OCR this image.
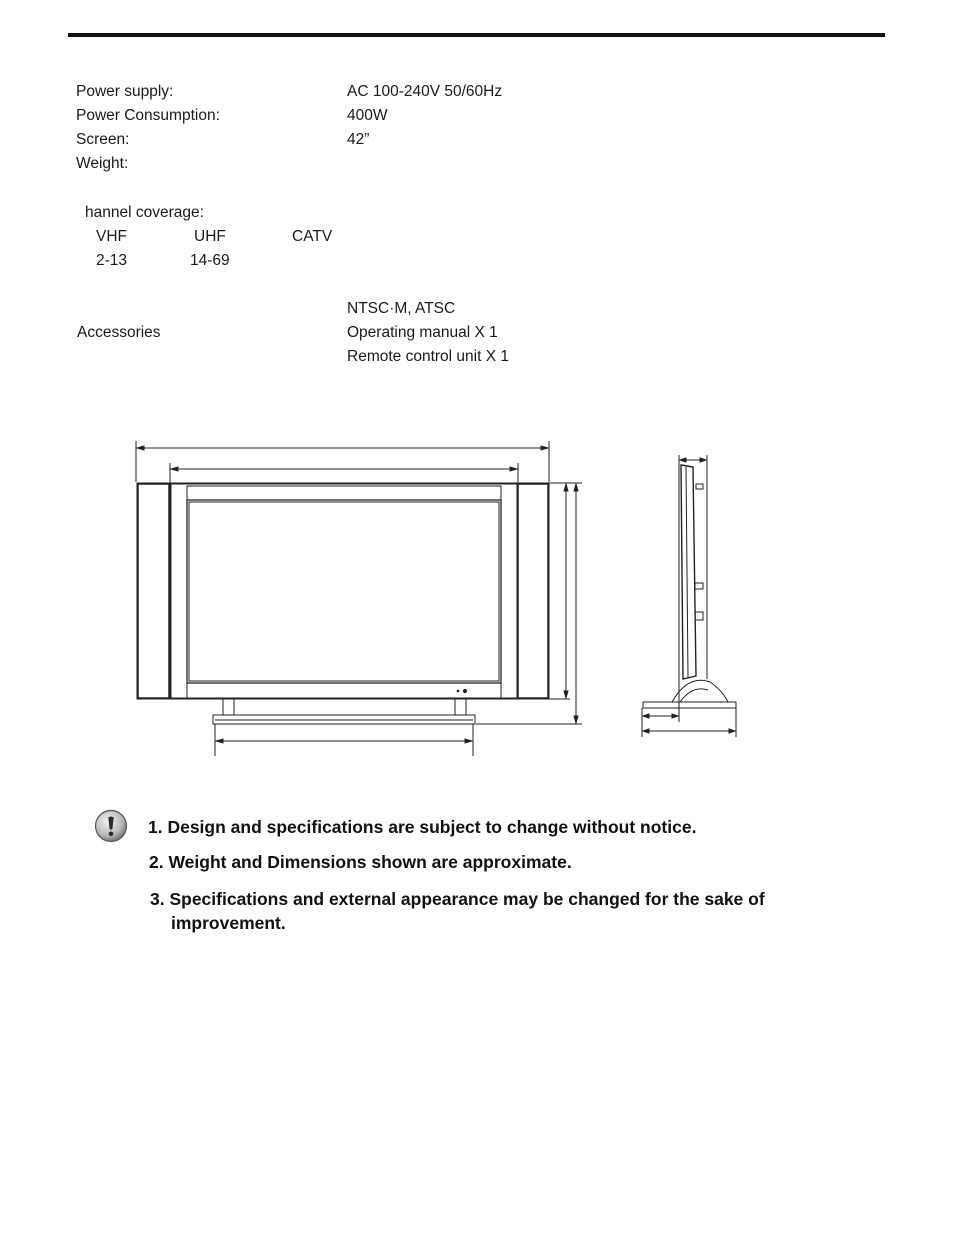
Power supply:	AC 100-240V 50/60Hz
Power Consumption:	400W
Screen:	42”
Weight:
hannel coverage:
VHF	UHF	CATV
2-13	14-69
NTSC·M, ATSC
Accessories	Operating manual X 1
Remote control unit X 1
1. Design and specifications are subject to change without notice.
2. Weight and Dimensions shown are approximate.
3. Specifications and external appearance may be changed for the sake of
improvement.
